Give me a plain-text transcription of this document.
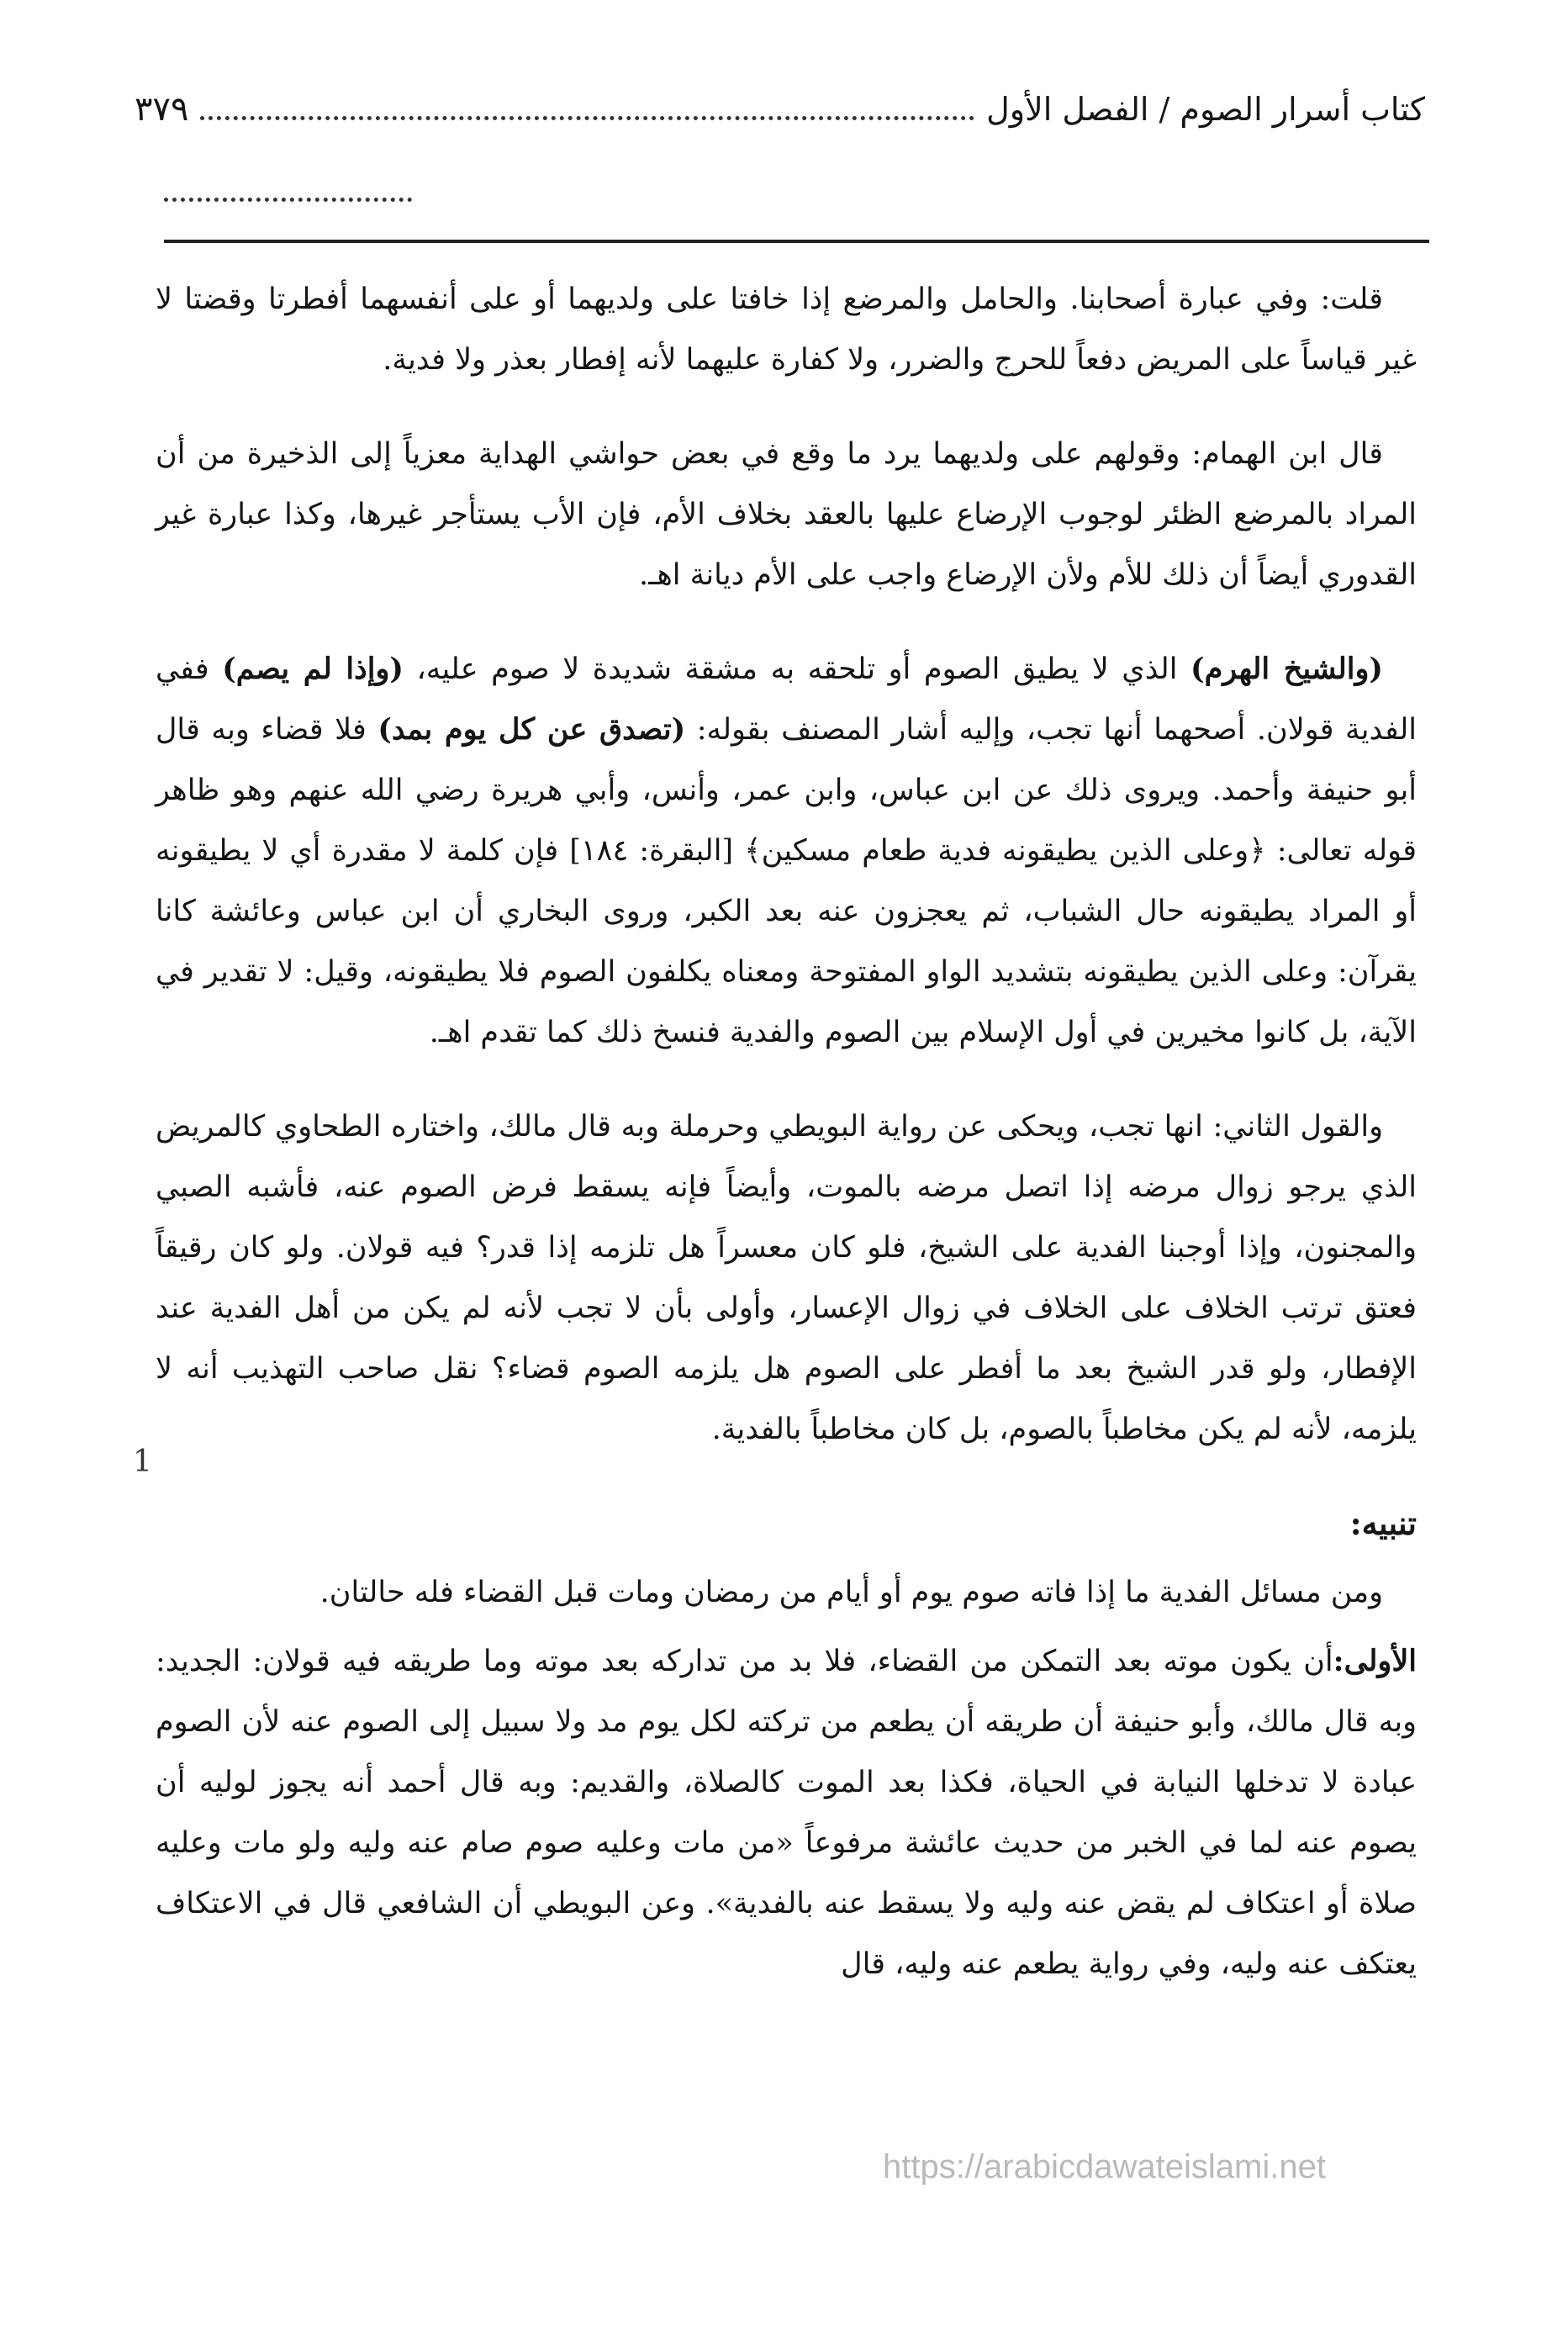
كتاب أسرار الصوم / الفصل الأول
٣٧٩

قلت: وفي عبارة أصحابنا. والحامل والمرضع إذا خافتا على ولديهما أو على أنفسهما أفطرتا وقضتا لا غير قياساً على المريض دفعاً للحرج والضرر، ولا كفارة عليهما لأنه إفطار بعذر ولا فدية.

قال ابن الهمام: وقولهم على ولديهما يرد ما وقع في بعض حواشي الهداية معزياً إلى الذخيرة من أن المراد بالمرضع الظئر لوجوب الإرضاع عليها بالعقد بخلاف الأم، فإن الأب يستأجر غيرها، وكذا عبارة غير القدوري أيضاً أن ذلك للأم ولأن الإرضاع واجب على الأم ديانة اهـ.

(والشيخ الهرم) الذي لا يطيق الصوم أو تلحقه به مشقة شديدة لا صوم عليه، (وإذا لم يصم) ففي الفدية قولان. أصحهما أنها تجب، وإليه أشار المصنف بقوله: (تصدق عن كل يوم بمد) فلا قضاء وبه قال أبو حنيفة وأحمد. ويروى ذلك عن ابن عباس، وابن عمر، وأنس، وأبي هريرة رضي الله عنهم وهو ظاهر قوله تعالى: ﴿وعلى الذين يطيقونه فدية طعام مسكين﴾ [البقرة: ١٨٤] فإن كلمة لا مقدرة أي لا يطيقونه أو المراد يطيقونه حال الشباب، ثم يعجزون عنه بعد الكبر، وروى البخاري أن ابن عباس وعائشة كانا يقرآن: وعلى الذين يطيقونه بتشديد الواو المفتوحة ومعناه يكلفون الصوم فلا يطيقونه، وقيل: لا تقدير في الآية، بل كانوا مخيرين في أول الإسلام بين الصوم والفدية فنسخ ذلك كما تقدم اهـ.

والقول الثاني: انها تجب، ويحكى عن رواية البويطي وحرملة وبه قال مالك، واختاره الطحاوي كالمريض الذي يرجو زوال مرضه إذا اتصل مرضه بالموت، وأيضاً فإنه يسقط فرض الصوم عنه، فأشبه الصبي والمجنون، وإذا أوجبنا الفدية على الشيخ، فلو كان معسراً هل تلزمه إذا قدر؟ فيه قولان. ولو كان رقيقاً فعتق ترتب الخلاف على الخلاف في زوال الإعسار، وأولى بأن لا تجب لأنه لم يكن من أهل الفدية عند الإفطار، ولو قدر الشيخ بعد ما أفطر على الصوم هل يلزمه الصوم قضاء؟ نقل صاحب التهذيب أنه لا يلزمه، لأنه لم يكن مخاطباً بالصوم، بل كان مخاطباً بالفدية.

تنبيه:

ومن مسائل الفدية ما إذا فاته صوم يوم أو أيام من رمضان ومات قبل القضاء فله حالتان.

الأولى:أن يكون موته بعد التمكن من القضاء، فلا بد من تداركه بعد موته وما طريقه فيه قولان: الجديد: وبه قال مالك، وأبو حنيفة أن طريقه أن يطعم من تركته لكل يوم مد ولا سبيل إلى الصوم عنه لأن الصوم عبادة لا تدخلها النيابة في الحياة، فكذا بعد الموت كالصلاة، والقديم: وبه قال أحمد أنه يجوز لوليه أن يصوم عنه لما في الخبر من حديث عائشة مرفوعاً «من مات وعليه صوم صام عنه وليه ولو مات وعليه صلاة أو اعتكاف لم يقض عنه وليه ولا يسقط عنه بالفدية». وعن البويطي أن الشافعي قال في الاعتكاف يعتكف عنه وليه، وفي رواية يطعم عنه وليه، قال

1
https://arabicdawateislami.net
